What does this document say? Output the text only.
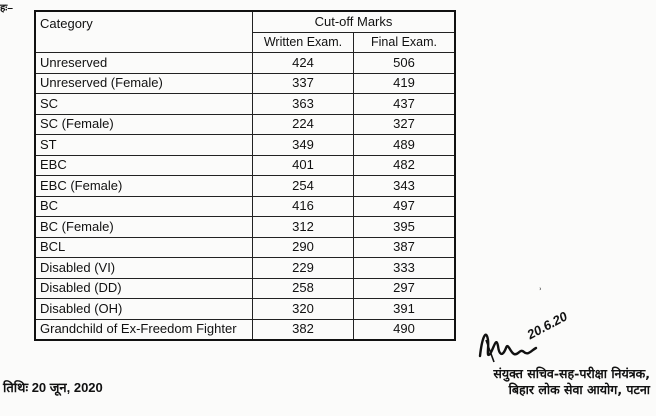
हः–
Category	Cut-off Marks	
	Written Exam.	Final Exam.
Unreserved	424	506
Unreserved (Female)	337	419
SC	363	437
SC (Female)	224	327
ST	349	489
EBC	401	482
EBC (Female)	254	343
BC	416	497
BC (Female)	312	395
BCL	290	387
Disabled (VI)	229	333
Disabled (DD)	258	297
Disabled (OH)	320	391
Grandchild of Ex-Freedom Fighter	382	490
ʾ
तिथिः 20 जून, 2020
20.6.20
संयुक्त सचिव-सह-परीक्षा नियंत्रक,
बिहार लोक सेवा आयोग, पटना
